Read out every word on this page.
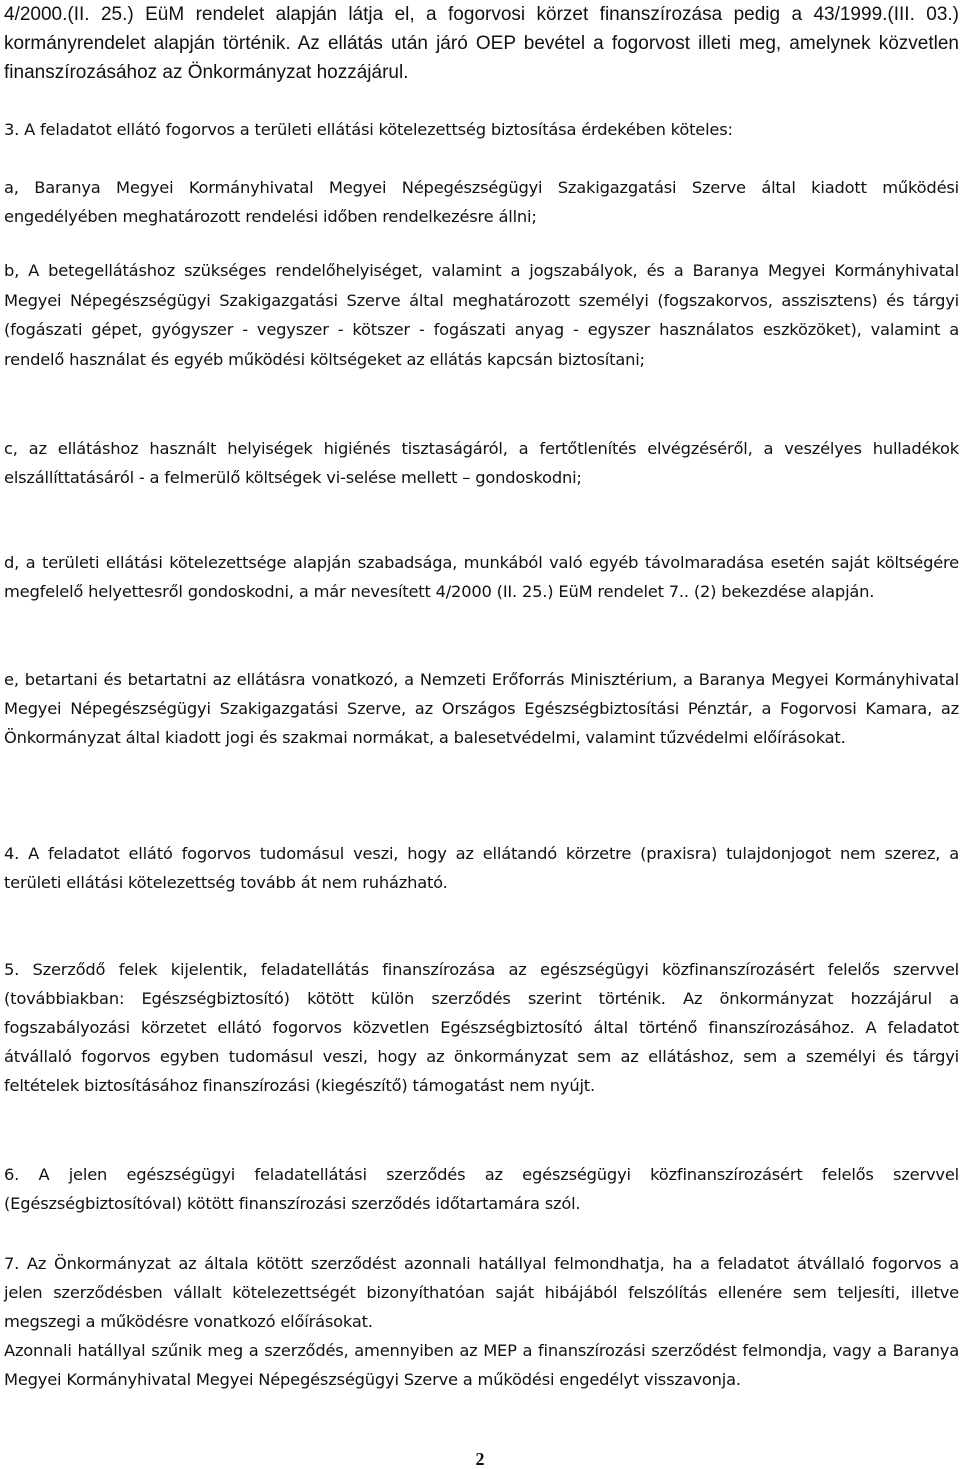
4/2000.(II. 25.) EüM rendelet alapján látja el, a fogorvosi körzet finanszírozása pedig a 43/1999.(III. 03.) kormányrendelet alapján történik. Az ellátás után járó OEP bevétel a fogorvost illeti meg, amelynek közvetlen finanszírozásához az Önkormányzat hozzájárul.

3. A feladatot ellátó fogorvos a területi ellátási kötelezettség biztosítása érdekében köteles:

a, Baranya Megyei Kormányhivatal Megyei Népegészségügyi Szakigazgatási Szerve által kiadott működési engedélyében meghatározott rendelési időben rendelkezésre állni;

b, A betegellátáshoz szükséges rendelőhelyiséget, valamint a jogszabályok, és a Baranya Megyei Kormányhivatal Megyei Népegészségügyi Szakigazgatási Szerve által meghatározott személyi (fogszakorvos, asszisztens) és tárgyi (fogászati gépet, gyógyszer - vegyszer - kötszer - fogászati anyag - egyszer használatos eszközöket), valamint a rendelő használat és egyéb működési költségeket az ellátás kapcsán biztosítani;

c, az ellátáshoz használt helyiségek higiénés tisztaságáról, a fertőtlenítés elvégzéséről, a veszélyes hulladékok elszállíttatásáról - a felmerülő költségek vi-selése mellett – gondoskodni;

d, a területi ellátási kötelezettsége alapján szabadsága, munkából való egyéb távolmaradása esetén saját költségére megfelelő helyettesről gondoskodni, a már nevesített 4/2000 (II. 25.) EüM rendelet 7.. (2) bekezdése alapján.

e, betartani és betartatni az ellátásra vonatkozó, a Nemzeti Erőforrás Minisztérium, a Baranya Megyei Kormányhivatal Megyei Népegészségügyi Szakigazgatási Szerve, az Országos Egészségbiztosítási Pénztár, a Fogorvosi Kamara, az Önkormányzat által kiadott jogi és szakmai normákat, a balesetvédelmi, valamint tűzvédelmi előírásokat.

4. A feladatot ellátó fogorvos tudomásul veszi, hogy az ellátandó körzetre (praxisra) tulajdonjogot nem szerez, a területi ellátási kötelezettség tovább át nem ruházható.

5. Szerződő felek kijelentik, feladatellátás finanszírozása az egészségügyi közfinanszírozásért felelős szervvel (továbbiakban: Egészségbiztosító) kötött külön szerződés szerint történik. Az önkormányzat hozzájárul a fogszabályozási körzetet ellátó fogorvos közvetlen Egészségbiztosító által történő finanszírozásához. A feladatot átvállaló fogorvos egyben tudomásul veszi, hogy az önkormányzat sem az ellátáshoz, sem a személyi és tárgyi feltételek biztosításához finanszírozási (kiegészítő) támogatást nem nyújt.

6. A jelen egészségügyi feladatellátási szerződés az egészségügyi közfinanszírozásért felelős szervvel (Egészségbiztosítóval) kötött finanszírozási szerződés időtartamára szól.

7. Az Önkormányzat az általa kötött szerződést azonnali hatállyal felmondhatja, ha a feladatot átvállaló fogorvos a jelen szerződésben vállalt kötelezettségét bizonyíthatóan saját hibájából felszólítás ellenére sem teljesíti, illetve megszegi a működésre vonatkozó előírásokat.

Azonnali hatállyal szűnik meg a szerződés, amennyiben az MEP a finanszírozási szerződést felmondja, vagy a Baranya Megyei Kormányhivatal Megyei Népegészségügyi Szerve a működési engedélyt visszavonja.

2
